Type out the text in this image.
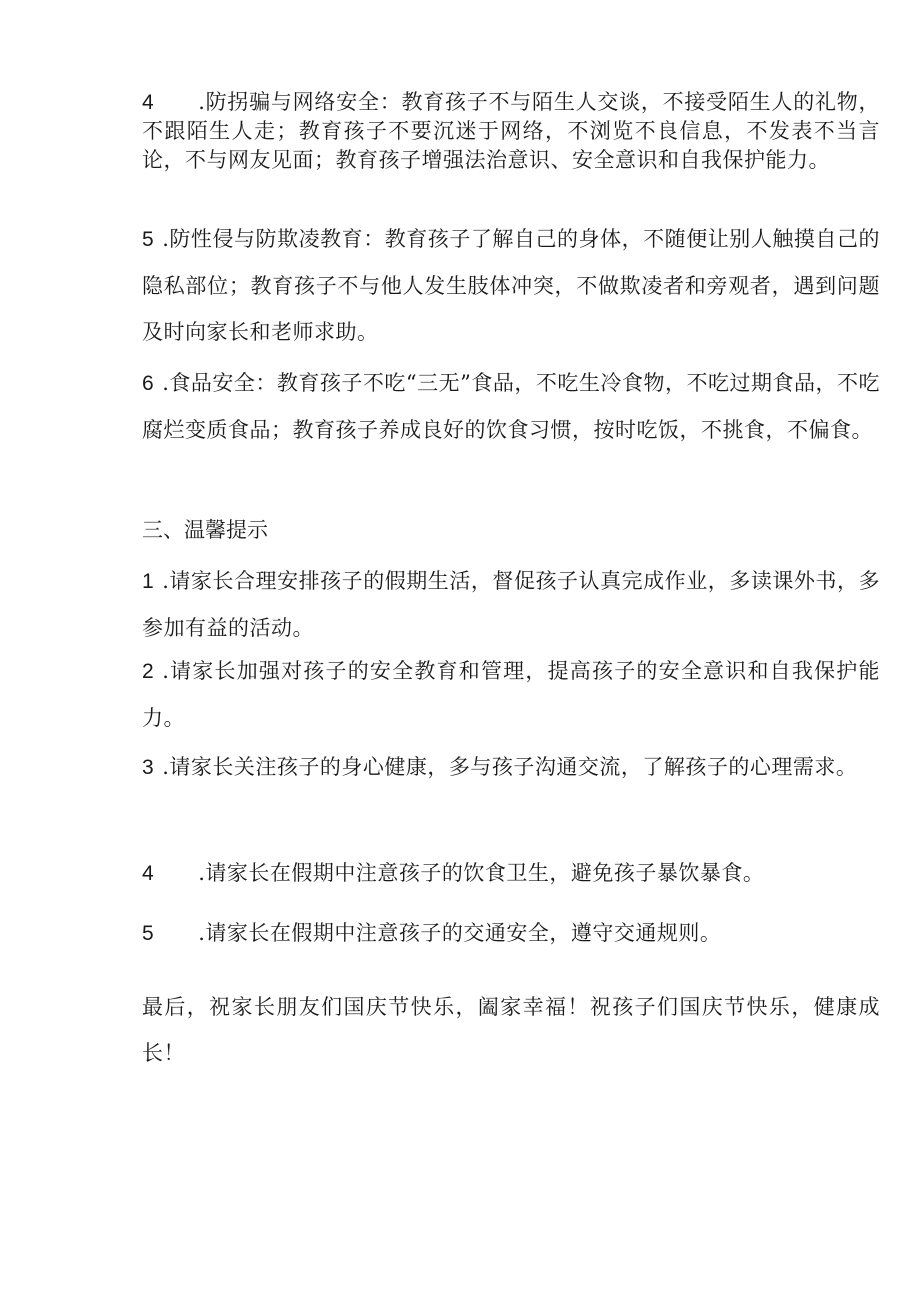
4 .防拐骗与网络安全：教育孩子不与陌生人交谈，不接受陌生人的礼物，不跟陌生人走；教育孩子不要沉迷于网络，不浏览不良信息，不发表不当言论，不与网友见面；教育孩子增强法治意识、安全意识和自我保护能力。

5 .防性侵与防欺凌教育：教育孩子了解自己的身体，不随便让别人触摸自己的隐私部位；教育孩子不与他人发生肢体冲突，不做欺凌者和旁观者，遇到问题及时向家长和老师求助。

6 .食品安全：教育孩子不吃“三无”食品，不吃生冷食物，不吃过期食品，不吃腐烂变质食品；教育孩子养成良好的饮食习惯，按时吃饭，不挑食，不偏食。

三、温馨提示

1 .请家长合理安排孩子的假期生活，督促孩子认真完成作业，多读课外书，多参加有益的活动。

2 .请家长加强对孩子的安全教育和管理，提高孩子的安全意识和自我保护能力。

3 .请家长关注孩子的身心健康，多与孩子沟通交流，了解孩子的心理需求。

4 .请家长在假期中注意孩子的饮食卫生，避免孩子暴饮暴食。

5 .请家长在假期中注意孩子的交通安全，遵守交通规则。

最后，祝家长朋友们国庆节快乐，阖家幸福！祝孩子们国庆节快乐，健康成长！
